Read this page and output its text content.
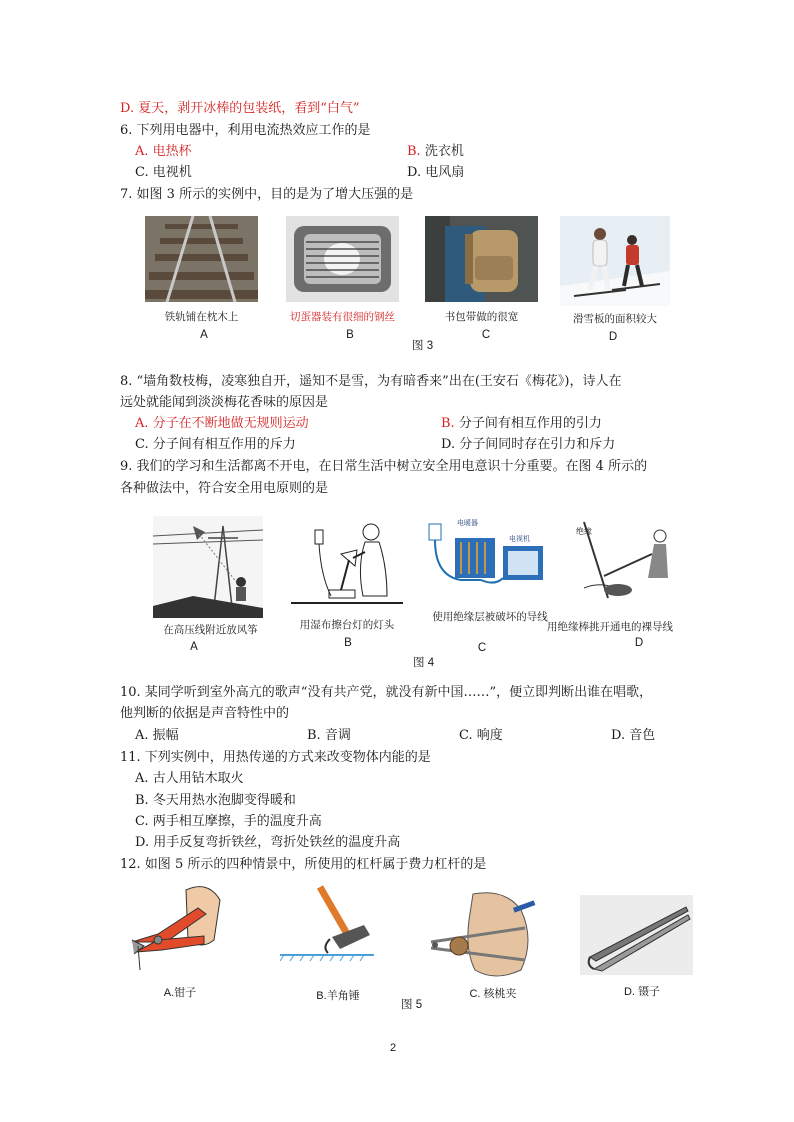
D. 夏天，剥开冰棒的包装纸，看到“白气”
6. 下列用电器中，利用电流热效应工作的是
A. 电热杯	B. 洗衣机
C. 电视机	D. 电风扇
7. 如图 3 所示的实例中，目的是为了增大压强的是
铁轨铺在枕木上
A
切蛋器装有很细的钢丝
B
书包带做的很宽
C
滑雪板的面积较大
D
图 3
8. “墙角数枝梅，凌寒独自开，遥知不是雪，为有暗香来”出在(王安石《梅花》)，诗人在
远处就能闻到淡淡梅花香味的原因是
A. 分子在不断地做无规则运动	B. 分子间有相互作用的引力
C. 分子间有相互作用的斥力	D. 分子间同时存在引力和斥力
9. 我们的学习和生活都离不开电，在日常生活中树立安全用电意识十分重要。在图 4 所示的
各种做法中，符合安全用电原则的是
在高压线附近放风筝
A
用湿布擦台灯的灯头
B
电暖器
电视机
使用绝缘层被破坏的导线
C
绝缘
用绝缘棒挑开通电的裸导线
D
图 4
10. 某同学听到室外高亢的歌声“没有共产党，就没有新中国……”，便立即判断出谁在唱歌，
他判断的依据是声音特性中的
A. 振幅	B. 音调	C. 响度	D. 音色
11. 下列实例中，用热传递的方式来改变物体内能的是
A. 古人用钻木取火
B. 冬天用热水泡脚变得暖和
C. 两手相互摩擦，手的温度升高
D. 用手反复弯折铁丝，弯折处铁丝的温度升高
12. 如图 5 所示的四种情景中，所使用的杠杆属于费力杠杆的是
A.钳子	B.羊角锤	C. 核桃夹	D. 镊子
图 5
2
